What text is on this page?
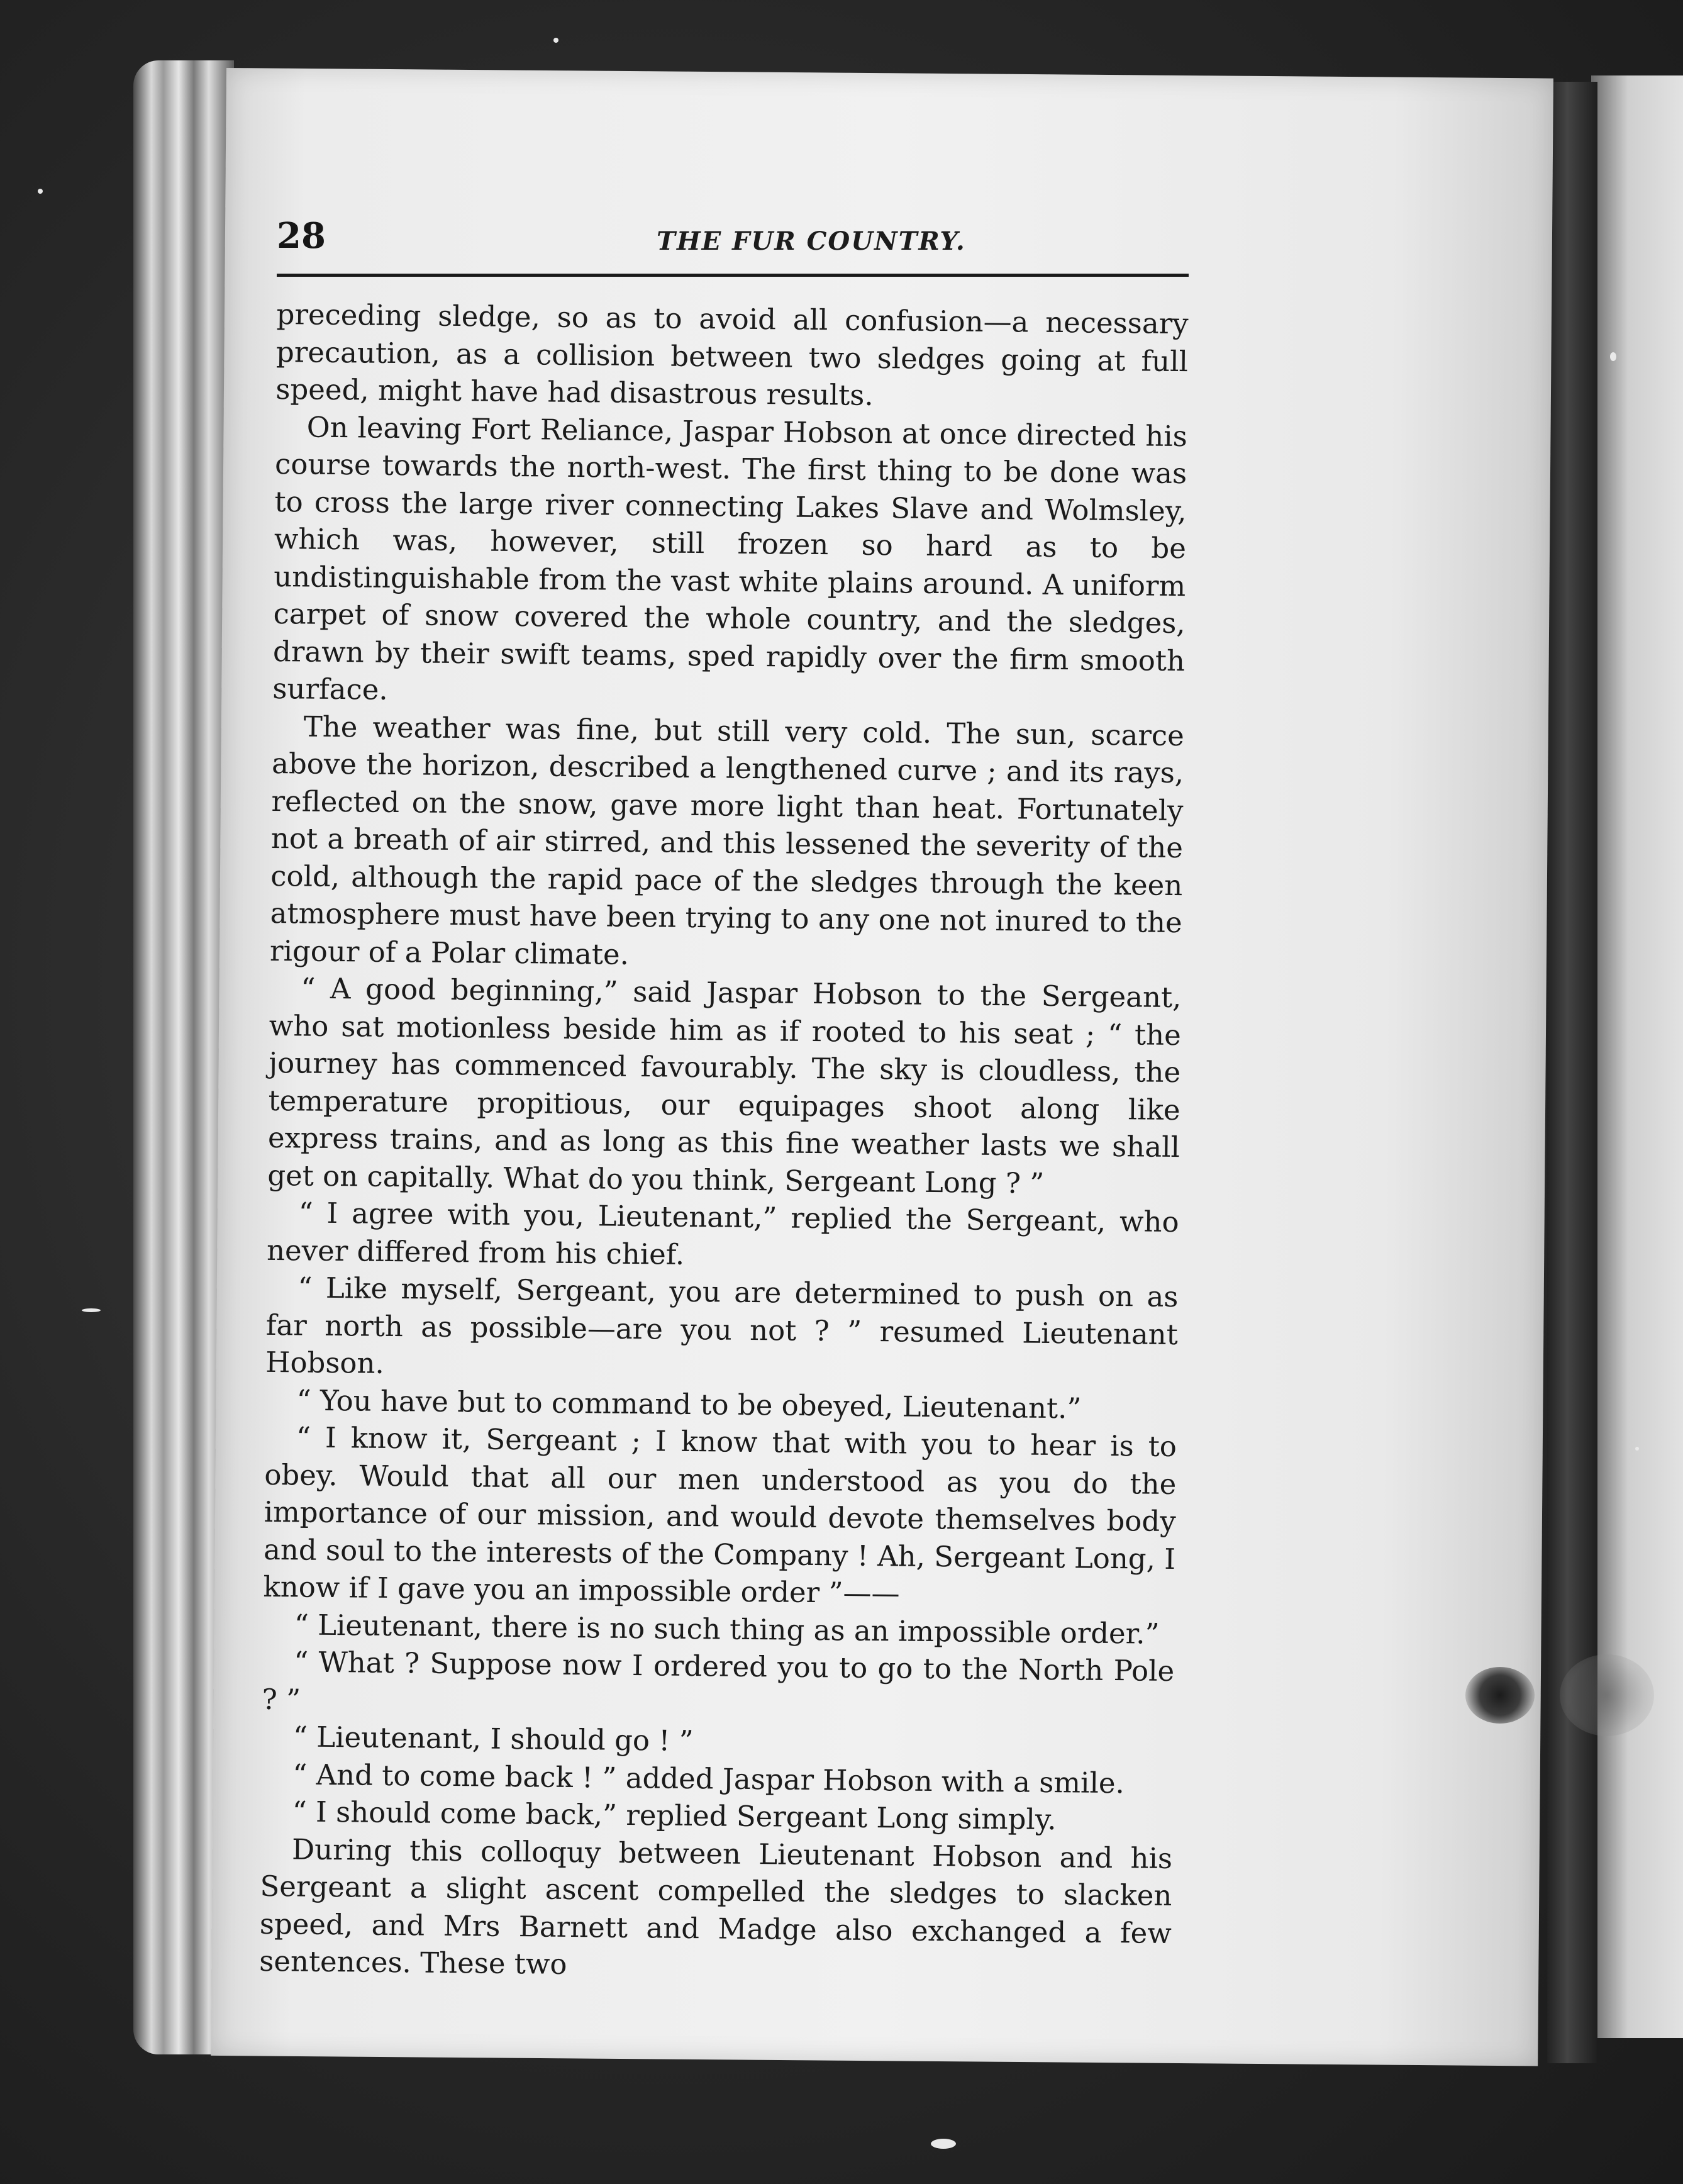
28	THE FUR COUNTRY.

preceding sledge, so as to avoid all confusion—a necessary precaution, as a collision between two sledges going at full speed, might have had disastrous results.

On leaving Fort Reliance, Jaspar Hobson at once directed his course towards the north-west. The first thing to be done was to cross the large river connecting Lakes Slave and Wolmsley, which was, however, still frozen so hard as to be undistinguishable from the vast white plains around. A uniform carpet of snow covered the whole country, and the sledges, drawn by their swift teams, sped rapidly over the firm smooth surface.

The weather was fine, but still very cold. The sun, scarce above the horizon, described a lengthened curve ; and its rays, reflected on the snow, gave more light than heat. Fortunately not a breath of air stirred, and this lessened the severity of the cold, although the rapid pace of the sledges through the keen atmosphere must have been trying to any one not inured to the rigour of a Polar climate.

“ A good beginning,” said Jaspar Hobson to the Sergeant, who sat motionless beside him as if rooted to his seat ; “ the journey has commenced favourably. The sky is cloudless, the temperature propitious, our equipages shoot along like express trains, and as long as this fine weather lasts we shall get on capitally. What do you think, Sergeant Long ? ”

“ I agree with you, Lieutenant,” replied the Sergeant, who never differed from his chief.

“ Like myself, Sergeant, you are determined to push on as far north as possible—are you not ? ” resumed Lieutenant Hobson.

“ You have but to command to be obeyed, Lieutenant.”

“ I know it, Sergeant ; I know that with you to hear is to obey. Would that all our men understood as you do the importance of our mission, and would devote themselves body and soul to the interests of the Company ! Ah, Sergeant Long, I know if I gave you an impossible order ”——

“ Lieutenant, there is no such thing as an impossible order.”

“ What ? Suppose now I ordered you to go to the North Pole ? ”

“ Lieutenant, I should go ! ”

“ And to come back ! ” added Jaspar Hobson with a smile.

“ I should come back,” replied Sergeant Long simply.

During this colloquy between Lieutenant Hobson and his Sergeant a slight ascent compelled the sledges to slacken speed, and Mrs Barnett and Madge also exchanged a few sentences. These two
